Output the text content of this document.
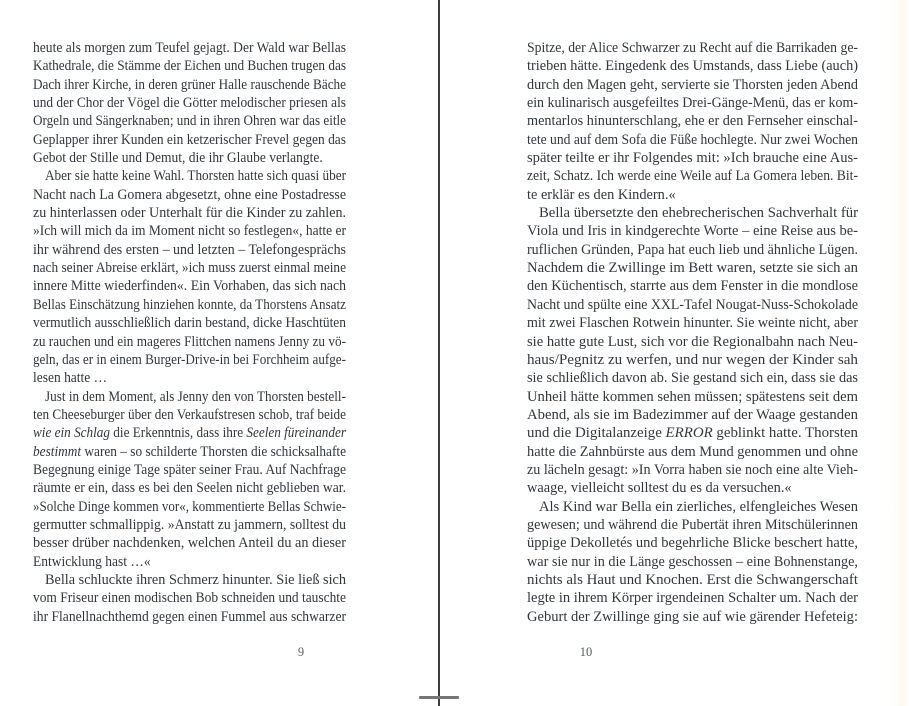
heute als morgen zum Teufel gejagt. Der Wald war Bellas
Kathedrale, die Stämme der Eichen und Buchen trugen das
Dach ihrer Kirche, in deren grüner Halle rauschende Bäche
und der Chor der Vögel die Götter melodischer priesen als
Orgeln und Sängerknaben; und in ihren Ohren war das eitle
Geplapper ihrer Kunden ein ketzerischer Frevel gegen das
Gebot der Stille und Demut, die ihr Glaube verlangte.
Aber sie hatte keine Wahl. Thorsten hatte sich quasi über
Nacht nach La Gomera abgesetzt, ohne eine Postadresse
zu hinterlassen oder Unterhalt für die Kinder zu zahlen.
»Ich will mich da im Moment nicht so festlegen«, hatte er
ihr während des ersten – und letzten – Telefongesprächs
nach seiner Abreise erklärt, »ich muss zuerst einmal meine
innere Mitte wiederfinden«. Ein Vorhaben, das sich nach
Bellas Einschätzung hinziehen konnte, da Thorstens Ansatz
vermutlich ausschließlich darin bestand, dicke Haschtüten
zu rauchen und ein mageres Flittchen namens Jenny zu vö-
geln, das er in einem Burger-Drive-in bei Forchheim aufge-
lesen hatte …
Just in dem Moment, als Jenny den von Thorsten bestell-
ten Cheeseburger über den Verkaufstresen schob, traf beide
wie ein Schlag die Erkenntnis, dass ihre Seelen füreinander
bestimmt waren – so schilderte Thorsten die schicksalhafte
Begegnung einige Tage später seiner Frau. Auf Nachfrage
räumte er ein, dass es bei den Seelen nicht geblieben war.
»Solche Dinge kommen vor«, kommentierte Bellas Schwie-
germutter schmallippig. »Anstatt zu jammern, solltest du
besser drüber nachdenken, welchen Anteil du an dieser
Entwicklung hast …«
Bella schluckte ihren Schmerz hinunter. Sie ließ sich
vom Friseur einen modischen Bob schneiden und tauschte
ihr Flanellnachthemd gegen einen Fummel aus schwarzer
9
Spitze, der Alice Schwarzer zu Recht auf die Barrikaden ge-
trieben hätte. Eingedenk des Umstands, dass Liebe (auch)
durch den Magen geht, servierte sie Thorsten jeden Abend
ein kulinarisch ausgefeiltes Drei-Gänge-Menü, das er kom-
mentarlos hinunterschlang, ehe er den Fernseher einschal-
tete und auf dem Sofa die Füße hochlegte. Nur zwei Wochen
später teilte er ihr Folgendes mit: »Ich brauche eine Aus-
zeit, Schatz. Ich werde eine Weile auf La Gomera leben. Bit-
te erklär es den Kindern.«
Bella übersetzte den ehebrecherischen Sachverhalt für
Viola und Iris in kindgerechte Worte – eine Reise aus be-
ruflichen Gründen, Papa hat euch lieb und ähnliche Lügen.
Nachdem die Zwillinge im Bett waren, setzte sie sich an
den Küchentisch, starrte aus dem Fenster in die mondlose
Nacht und spülte eine XXL-Tafel Nougat-Nuss-Schokolade
mit zwei Flaschen Rotwein hinunter. Sie weinte nicht, aber
sie hatte gute Lust, sich vor die Regionalbahn nach Neu-
haus/Pegnitz zu werfen, und nur wegen der Kinder sah
sie schließlich davon ab. Sie gestand sich ein, dass sie das
Unheil hätte kommen sehen müssen; spätestens seit dem
Abend, als sie im Badezimmer auf der Waage gestanden
und die Digitalanzeige ERROR geblinkt hatte. Thorsten
hatte die Zahnbürste aus dem Mund genommen und ohne
zu lächeln gesagt: »In Vorra haben sie noch eine alte Vieh-
waage, vielleicht solltest du es da versuchen.«
Als Kind war Bella ein zierliches, elfengleiches Wesen
gewesen; und während die Pubertät ihren Mitschülerinnen
üppige Dekolletés und begehrliche Blicke beschert hatte,
war sie nur in die Länge geschossen – eine Bohnenstange,
nichts als Haut und Knochen. Erst die Schwangerschaft
legte in ihrem Körper irgendeinen Schalter um. Nach der
Geburt der Zwillinge ging sie auf wie gärender Hefeteig:
10
